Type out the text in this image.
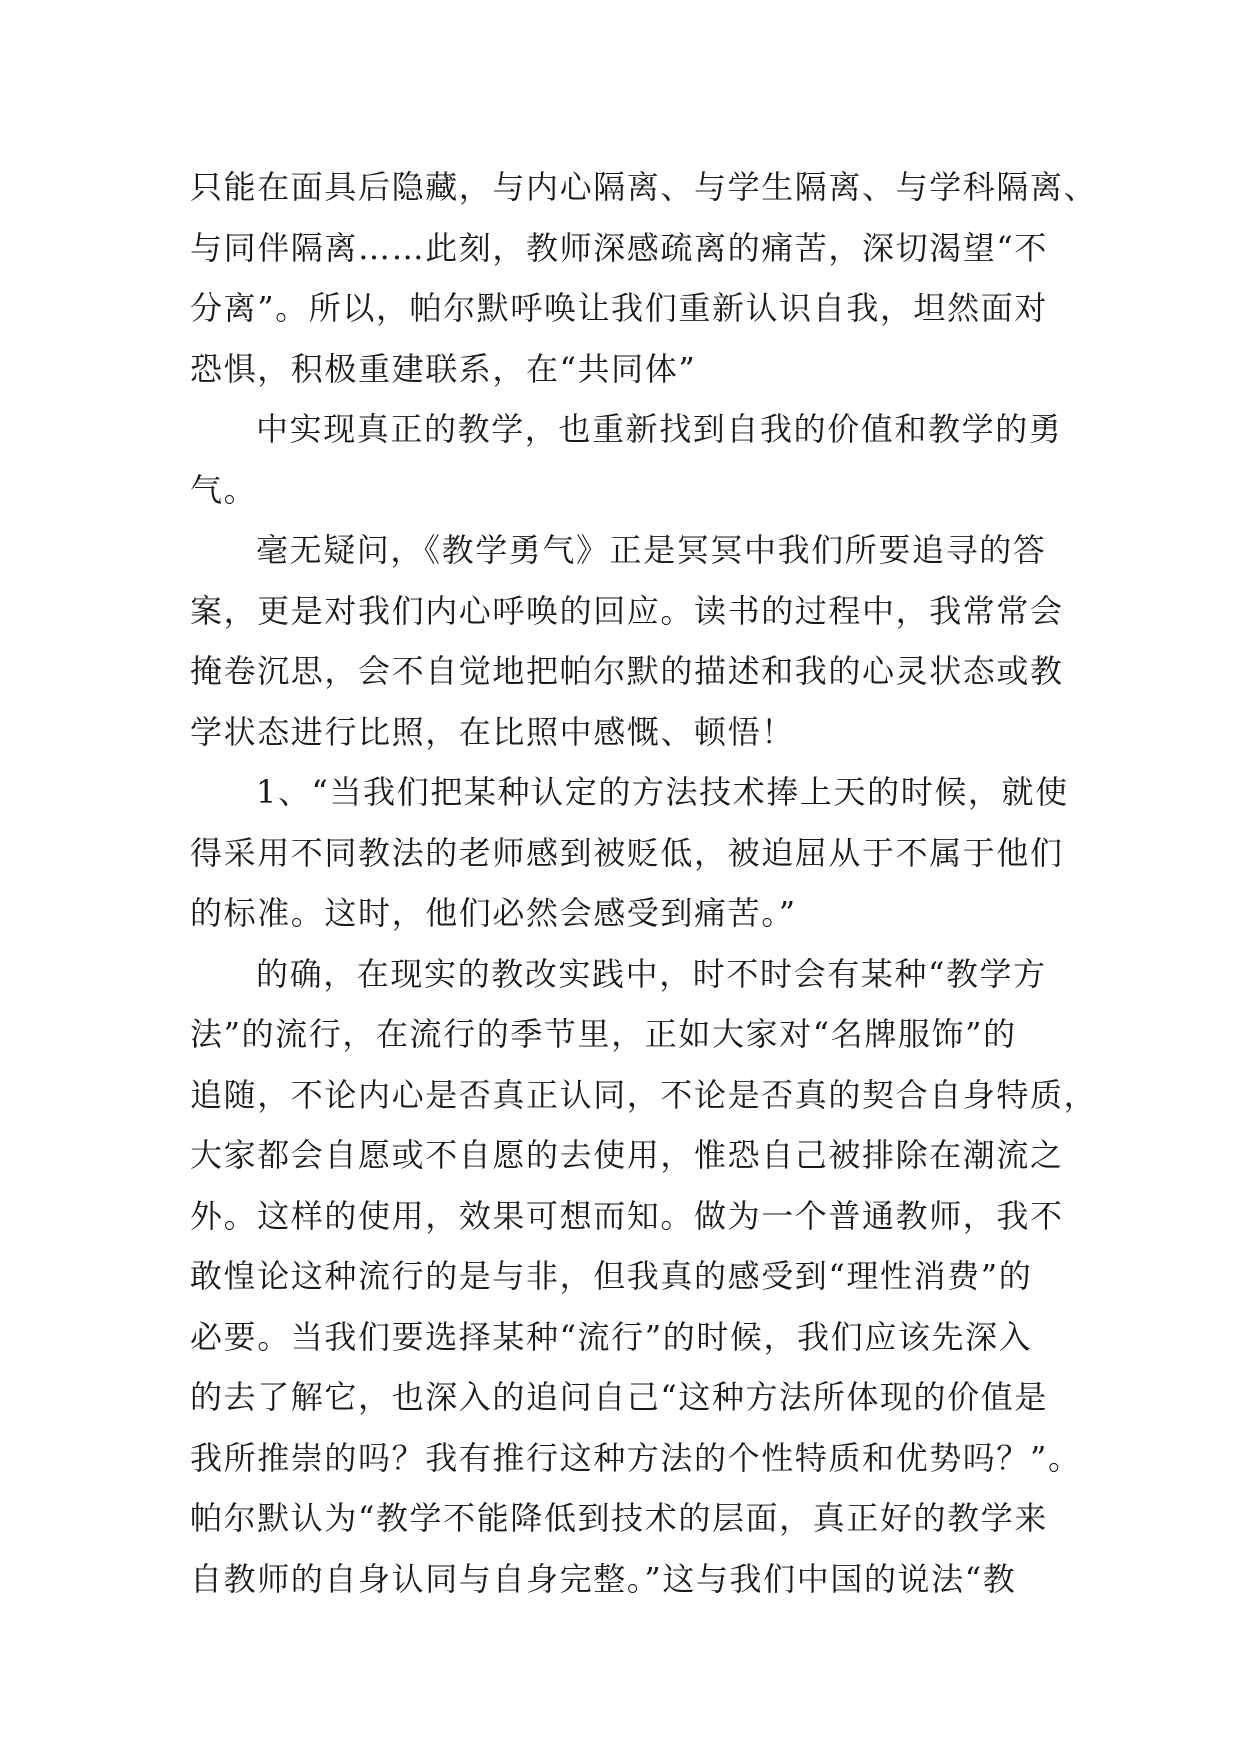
只能在面具后隐藏，与内心隔离、与学生隔离、与学科隔离、
与同伴隔离……此刻，教师深感疏离的痛苦，深切渴望“不
分离”。所以，帕尔默呼唤让我们重新认识自我，坦然面对
恐惧，积极重建联系，在“共同体”
中实现真正的教学，也重新找到自我的价值和教学的勇
气。
毫无疑问，《教学勇气》正是冥冥中我们所要追寻的答
案，更是对我们内心呼唤的回应。读书的过程中，我常常会
掩卷沉思，会不自觉地把帕尔默的描述和我的心灵状态或教
学状态进行比照，在比照中感慨、顿悟！
1、“当我们把某种认定的方法技术捧上天的时候，就使
得采用不同教法的老师感到被贬低，被迫屈从于不属于他们
的标准。这时，他们必然会感受到痛苦。”
的确，在现实的教改实践中，时不时会有某种“教学方
法”的流行，在流行的季节里，正如大家对“名牌服饰”的
追随，不论内心是否真正认同，不论是否真的契合自身特质，
大家都会自愿或不自愿的去使用，惟恐自己被排除在潮流之
外。这样的使用，效果可想而知。做为一个普通教师，我不
敢惶论这种流行的是与非，但我真的感受到“理性消费”的
必要。当我们要选择某种“流行”的时候，我们应该先深入
的去了解它，也深入的追问自己“这种方法所体现的价值是
我所推崇的吗？我有推行这种方法的个性特质和优势吗？”。
帕尔默认为“教学不能降低到技术的层面，真正好的教学来
自教师的自身认同与自身完整。”这与我们中国的说法“教
